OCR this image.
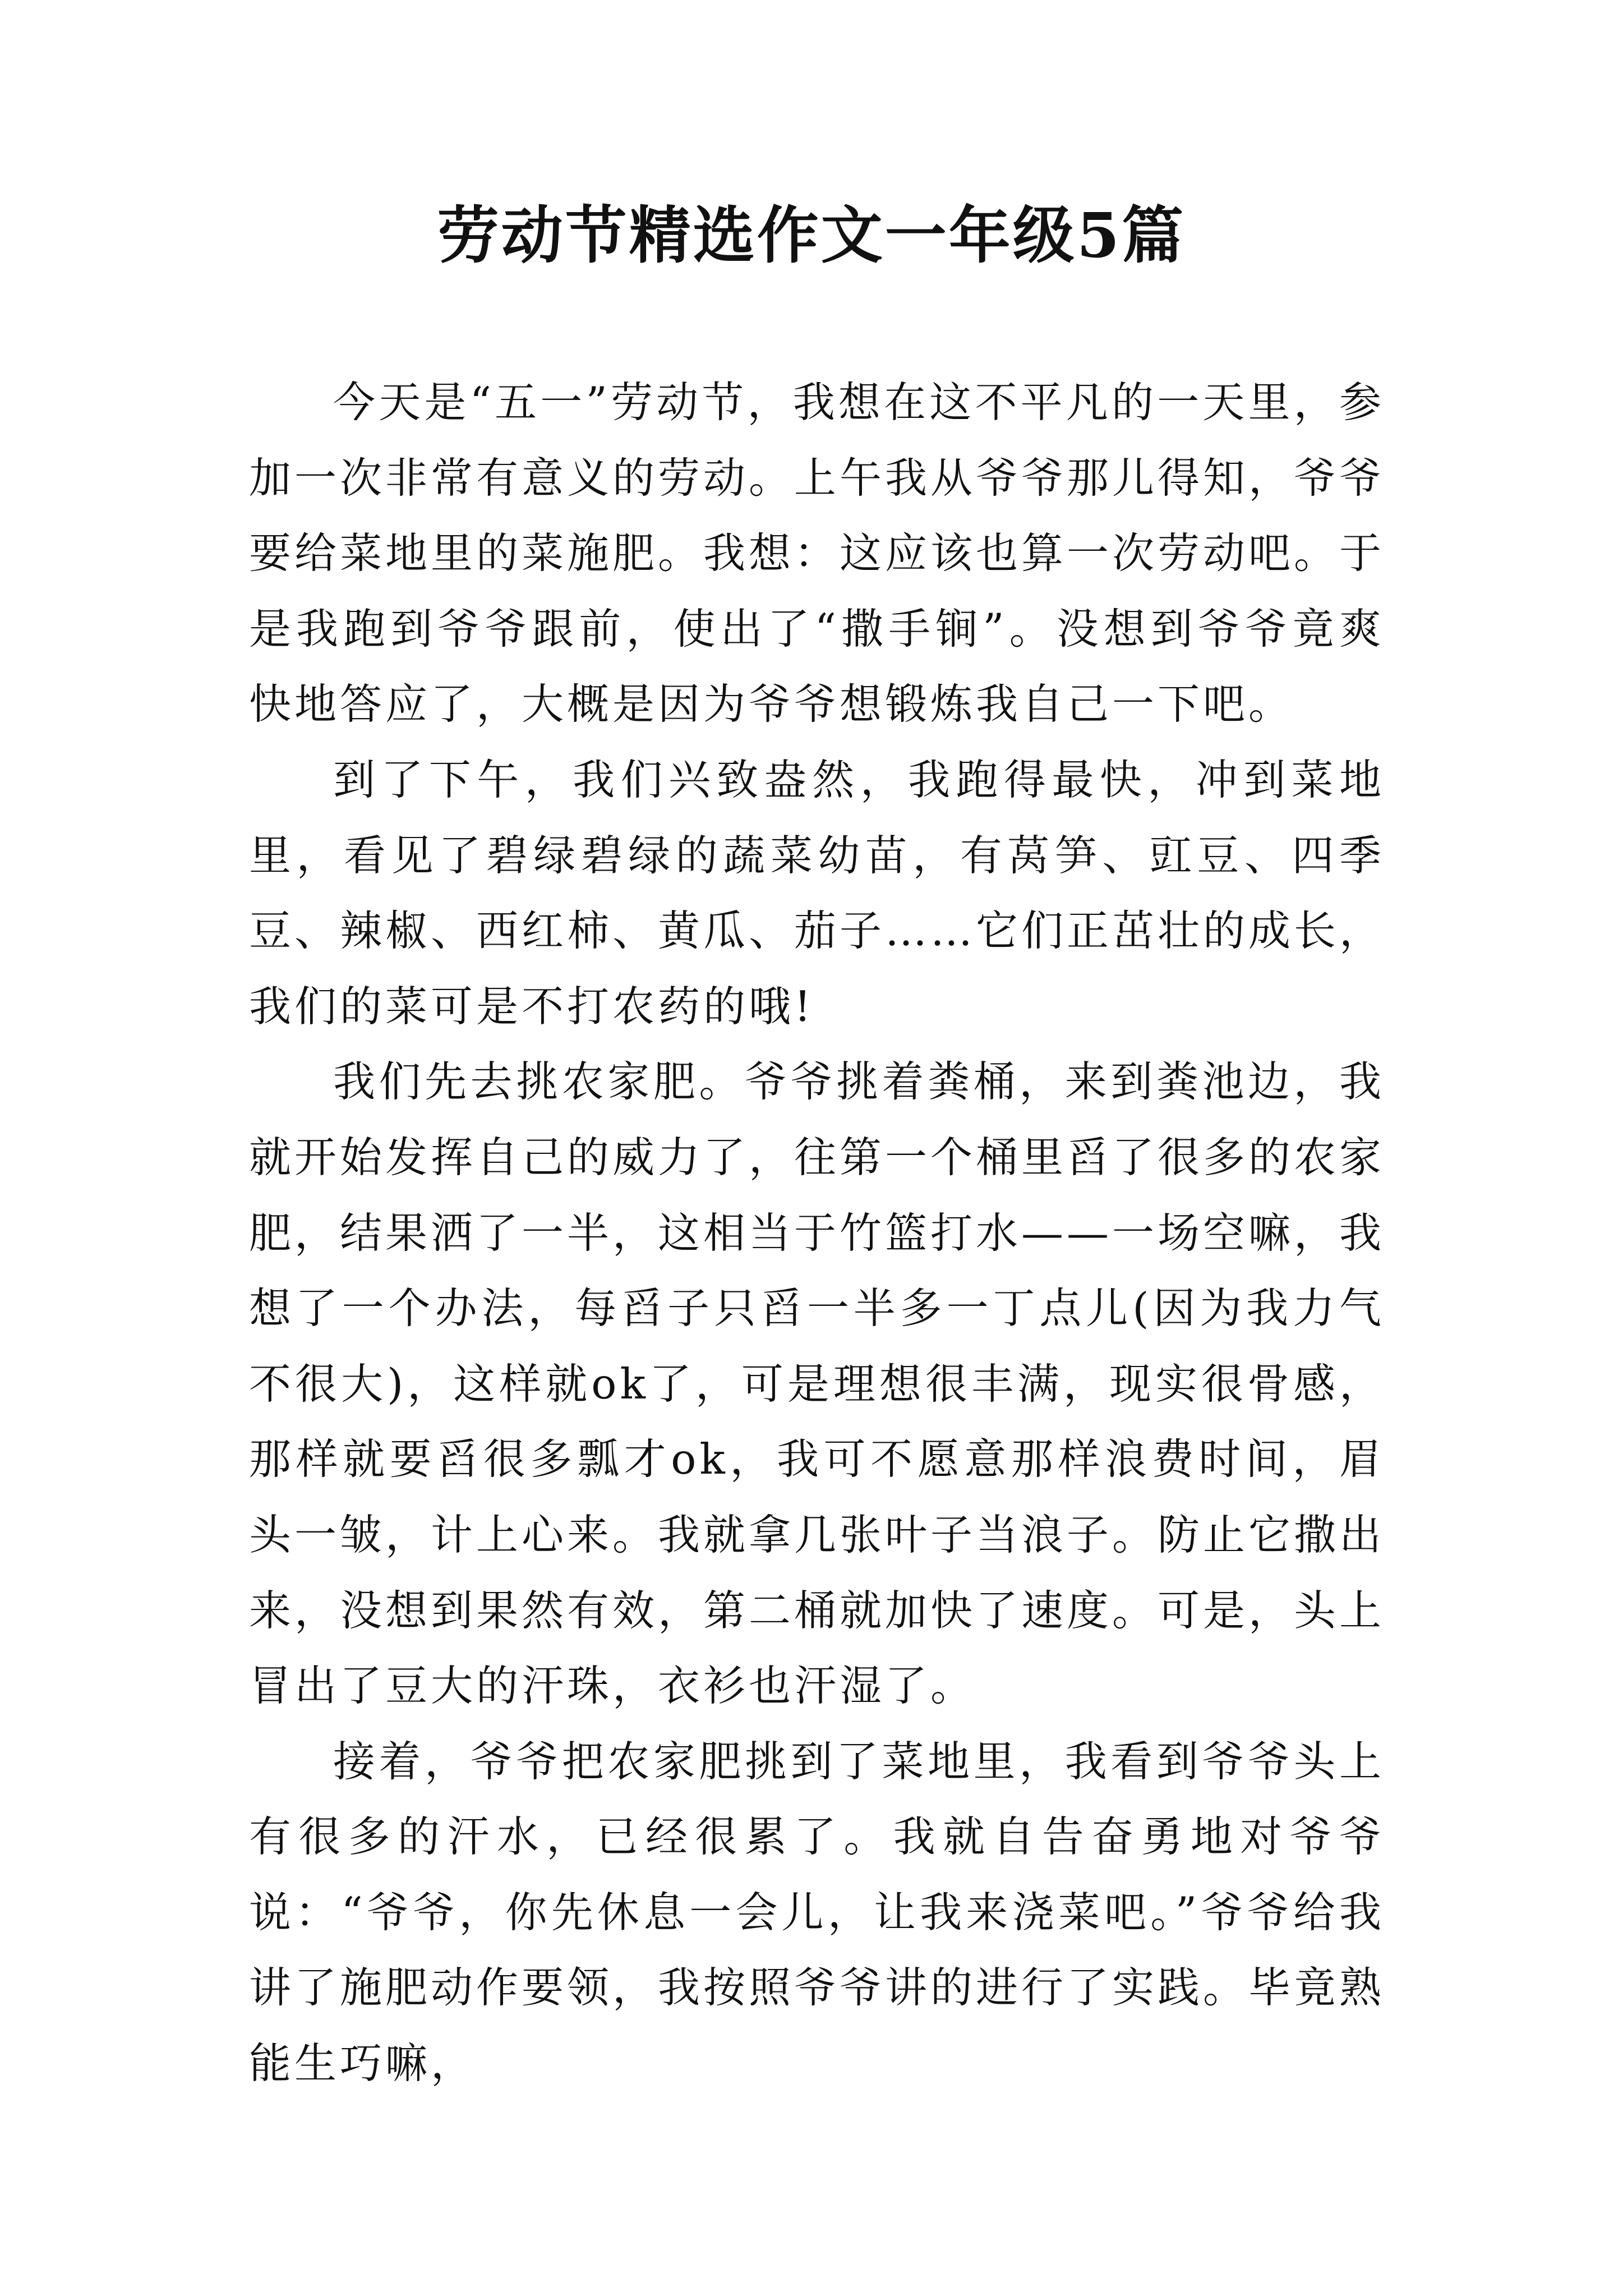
劳动节精选作文一年级5篇

今天是“五一”劳动节，我想在这不平凡的一天里，参加一次非常有意义的劳动。上午我从爷爷那儿得知，爷爷要给菜地里的菜施肥。我想：这应该也算一次劳动吧。于是我跑到爷爷跟前，使出了“撒手锏”。没想到爷爷竟爽快地答应了，大概是因为爷爷想锻炼我自己一下吧。

到了下午，我们兴致盎然，我跑得最快，冲到菜地里，看见了碧绿碧绿的蔬菜幼苗，有莴笋、豇豆、四季豆、辣椒、西红柿、黄瓜、茄子……它们正茁壮的成长，我们的菜可是不打农药的哦!

我们先去挑农家肥。爷爷挑着粪桶，来到粪池边，我就开始发挥自己的威力了，往第一个桶里舀了很多的农家肥，结果洒了一半，这相当于竹篮打水——一场空嘛，我想了一个办法，每舀子只舀一半多一丁点儿(因为我力气不很大)，这样就ok了，可是理想很丰满，现实很骨感，那样就要舀很多瓢才ok，我可不愿意那样浪费时间，眉头一皱，计上心来。我就拿几张叶子当浪子。防止它撒出来，没想到果然有效，第二桶就加快了速度。可是，头上冒出了豆大的汗珠，衣衫也汗湿了。

接着，爷爷把农家肥挑到了菜地里，我看到爷爷头上有很多的汗水，已经很累了。我就自告奋勇地对爷爷说：“爷爷，你先休息一会儿，让我来浇菜吧。”爷爷给我讲了施肥动作要领，我按照爷爷讲的进行了实践。毕竟熟能生巧嘛，
